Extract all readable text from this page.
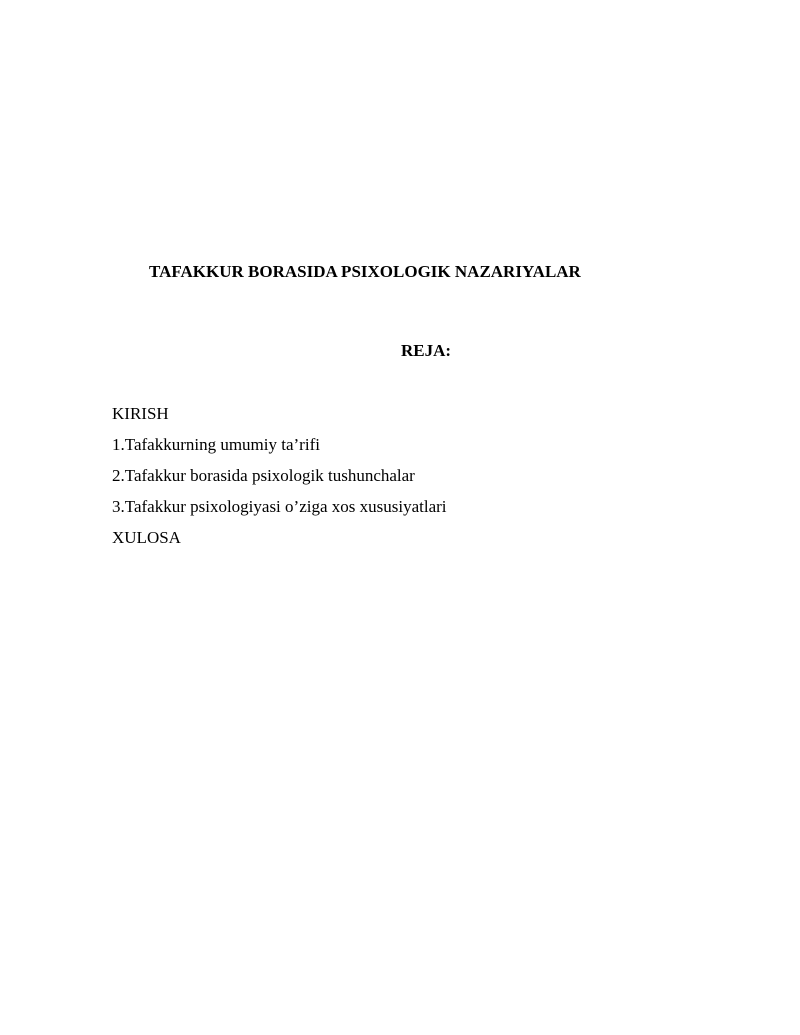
TAFAKKUR BORASIDA PSIXOLOGIK NAZARIYALAR
REJA:
KIRISH
1.Tafakkurning umumiy ta’rifi
2.Tafakkur borasida psixologik tushunchalar
3.Tafakkur psixologiyasi o’ziga xos xususiyatlari
XULOSA
